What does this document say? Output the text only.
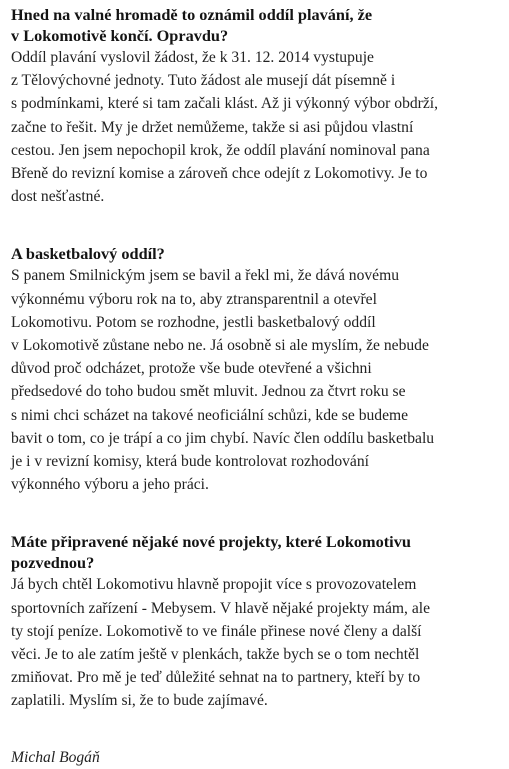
Hned na valné hromadě to oznámil oddíl plavání, že
v Lokomotivě končí. Opravdu?

Oddíl plavání vyslovil žádost, že k 31. 12. 2014 vystupuje
z Tělovýchovné jednoty. Tuto žádost ale musejí dát písemně i
s podmínkami, které si tam začali klást. Až ji výkonný výbor obdrží,
začne to řešit. My je držet nemůžeme, takže si asi půjdou vlastní
cestou. Jen jsem nepochopil krok, že oddíl plavání nominoval pana
Břeně do revizní komise a zároveň chce odejít z Lokomotivy. Je to
dost nešťastné.

A basketbalový oddíl?

S panem Smilnickým jsem se bavil a řekl mi, že dává novému
výkonnému výboru rok na to, aby ztransparentnil a otevřel
Lokomotivu. Potom se rozhodne, jestli basketbalový oddíl
v Lokomotivě zůstane nebo ne. Já osobně si ale myslím, že nebude
důvod proč odcházet, protože vše bude otevřené a všichni
předsedové do toho budou smět mluvit. Jednou za čtvrt roku se
s nimi chci scházet na takové neoficiální schůzi, kde se budeme
bavit o tom, co je trápí a co jim chybí. Navíc člen oddílu basketbalu
je i v revizní komisy, která bude kontrolovat rozhodování
výkonného výboru a jeho práci.

Máte připravené nějaké nové projekty, které Lokomotivu
pozvednou?

Já bych chtěl Lokomotivu hlavně propojit více s provozovatelem
sportovních zařízení - Mebysem. V hlavě nějaké projekty mám, ale
ty stojí peníze. Lokomotivě to ve finále přinese nové členy a další
věci. Je to ale zatím ještě v plenkách, takže bych se o tom nechtěl
zmiňovat. Pro mě je teď důležité sehnat na to partnery, kteří by to
zaplatili. Myslím si, že to bude zajímavé.

Michal Bogáň
